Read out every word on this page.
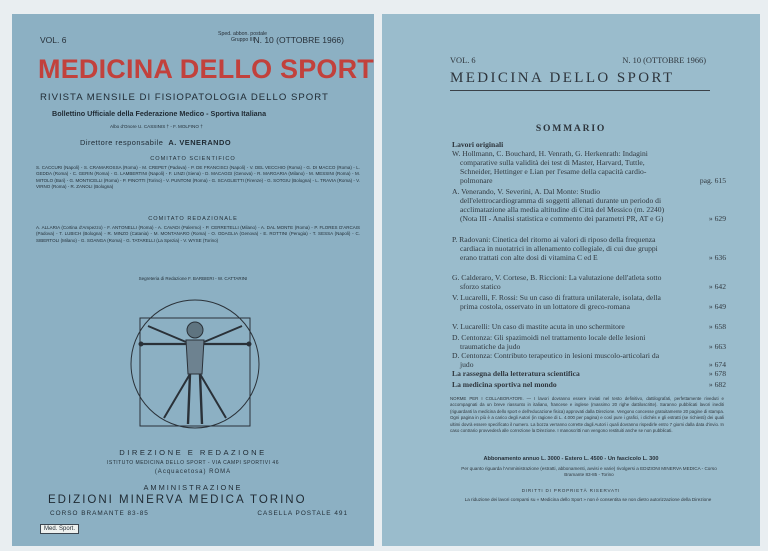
VOL. 6
Sped. abbon. postale
Gruppo III N. 10 (OTTOBRE 1966)
MEDICINA DELLO SPORT
RIVISTA MENSILE DI FISIOPATOLOGIA DELLO SPORT
Bollettino Ufficiale della Federazione Medico - Sportiva Italiana
Albo d'Onore U. CASSINIS † - F. MOLFINO †
Direttore responsabile A. VENERANDO
COMITATO SCIENTIFICO
S. CACCURI (Napoli) - S. CRAMAROSSA (Roma) - M. CREPET (Padova) - P. DE FRANCISCI (Napoli) - V. DEL VECCHIO (Roma) - G. DI MACCO (Roma) - L. GEDDA (Roma) - C. GERIN (Roma) - G. LAMBERTINI (Napoli) - F. LINZI (Siena) - D. MACAGGI (Genova) - R. MARGARIA (Milano) - M. MESSINI (Roma) - M. MITOLO (Bari) - G. MONTICELLI (Roma) - P. PINOTTI (Torino) - V. PUNTONI (Roma) - G. SCAGLIETTI (Firenze) - G. SOTGIU (Bologna) - L. TRAVIA (Roma) - V. VIRNO (Roma) - R. ZANOLI (Bologna)
COMITATO REDAZIONALE
A. ALLARIA (Cortina d'Ampezzo) - F. ANTONELLI (Roma) - A. CAVADI (Palermo) - P. CERRETELLI (Milano) - A. DAL MONTE (Roma) - P. FLORES D'ARCAIS (Padova) - T. LUBICH (Bologna) - R. MINZO (Catania) - M. MONTANARO (Roma) - O. ODAGLIA (Genova) - E. ROTTINI (Perugia) - T. SESSA (Napoli) - C. SIBERTOLI (Milano) - G. SOANGA (Roma) - G. TATARELLI (La Spezia) - V. WYSE (Torino)
Segreteria di Redazione F. BARBIERI - W. CATTARINI
DIREZIONE E REDAZIONE
ISTITUTO MEDICINA DELLO SPORT - VIA CAMPI SPORTIVI 46
(Acquacetosa) ROMA
AMMINISTRAZIONE
EDIZIONI MINERVA MEDICA TORINO
CORSO BRAMANTE 83-85	CASELLA POSTALE 491
Med. Sport.
VOL. 6	N. 10 (OTTOBRE 1966)
MEDICINA DELLO SPORT
SOMMARIO
Lavori originali
W. Hollmann, C. Bouchard, H. Venrath, G. Herkenrath: Indagini comparative sulla validità dei test di Master, Harvard, Tuttle, Schneider, Hettinger e Lian per l'esame della capacità cardio-polmonare	pag. 615
A. Venerando, V. Severini, A. Dal Monte: Studio dell'elettrocardiogramma di soggetti allenati durante un periodo di acclimatazione alla media altitudine di Città del Messico (m. 2240) (Nota III - Analisi statistica e commento dei parametri PR, AT e G)	» 629
P. Radovani: Cinetica del ritorno ai valori di riposo della frequenza cardiaca in nuotatrici in allenamento collegiale, di cui due gruppi erano trattati con alte dosi di vitamina C ed E	» 636
G. Calderaro, V. Cortese, B. Riccioni: La valutazione dell'atleta sotto sforzo statico	» 642
V. Lucarelli, F. Rossi: Su un caso di frattura unilaterale, isolata, della prima costola, osservato in un lottatore di greco-romana	» 649
V. Lucarelli: Un caso di mastite acuta in uno schermitore	» 658
D. Centonza: Gli spazimoidi nel trattamento locale delle lesioni traumatiche da judo	» 663
D. Centonza: Contributo terapeutico in lesioni muscolo-articolari da judo	» 674
La rassegna della letteratura scientifica	» 678
La medicina sportiva nel mondo	» 682
NORME PER I COLLABORATORI. — I lavori dovranno essere inviati nel testo definitivo, dattilografati, perfettamente riveduti e accompagnati da un breve riassunto in italiano, francese e inglese (massimo 20 righe dattiloscritte). Saranno pubblicati lavori inediti (riguardanti la medicina dello sport e dell'educazione fisica) approvati dalla Direzione. Vengono concesse gratuitamente 20 pagine di stampa. Ogni pagina in più è a carico degli Autori (in ragione di L. 4.000 per pagina) e così pure i grafici, i clichés e gli estratti (se richiesti) dei quali ultimi dovrà essere specificato il numero. La bozza verranno corrette dagli Autori i quali dovranno rispedirle entro 7 giorni dalla data d'invio. In caso contrario provvederà alle correzione la Direzione. I manoscritti non vengono restituiti anche se non pubblicati.
Abbonamento annuo L. 3000 - Estero L. 4500 - Un fascicolo L. 300
Per quanto riguarda l'Amministrazione (estratti, abbonamenti, avvisi e varie) rivolgersi a EDIZIONI MINERVA MEDICA - Corso Bramante 83-85 - Torino
DIRITTI DI PROPRIETÀ RISERVATI
La riduzione dei lavori comparsi su « Medicina dello Sport » non è consentita se non dietro autorizzazione della Direzione
